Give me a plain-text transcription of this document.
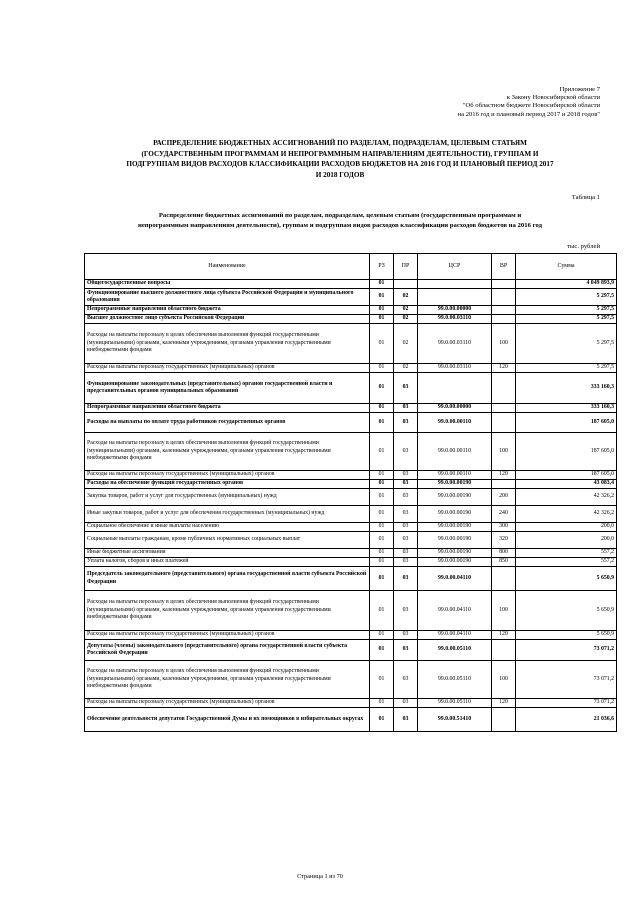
Приложение 7
к Закону Новосибирской области
"Об областном бюджете Новосибирской области
на 2016 год и плановый период 2017 и 2018 годов"
РАСПРЕДЕЛЕНИЕ БЮДЖЕТНЫХ АССИГНОВАНИЙ ПО РАЗДЕЛАМ, ПОДРАЗДЕЛАМ, ЦЕЛЕВЫМ СТАТЬЯМ
(ГОСУДАРСТВЕННЫМ ПРОГРАММАМ И НЕПРОГРАММНЫМ НАПРАВЛЕНИЯМ ДЕЯТЕЛЬНОСТИ), ГРУППАМ И
ПОДГРУППАМ ВИДОВ РАСХОДОВ КЛАССИФИКАЦИИ РАСХОДОВ БЮДЖЕТОВ НА 2016 ГОД И ПЛАНОВЫЙ ПЕРИОД 2017
И 2018 ГОДОВ
Таблица 1
Распределение бюджетных ассигнований по разделам, подразделам, целевым статьям (государственным программам и
непрограммным направлениям деятельности), группам и подгруппам видов расходов классификации расходов бюджетов на 2016 год
тыс. рублей
Наименование	РЗ	ПР	ЦСР	ВР	Сумма
Общегосударственные вопросы	01				4 049 893,9
Функционирование высшего должностного лица субъекта Российской Федерации и муниципального образования	01	02			5 297,5
Непрограммные направления областного бюджета	01	02	99.0.00.00000		5 297,5
Высшее должностное лицо субъекта Российской Федерации	01	02	99.0.00.03110		5 297,5
Расходы на выплаты персоналу в целях обеспечения выполнения функций государственными (муниципальными) органами, казенными учреждениями, органами управления государственными внебюджетными фондами	01	02	99.0.00.03110	100	5 297,5
Расходы на выплаты персоналу государственных (муниципальных) органов	01	02	99.0.00.03110	120	5 297,5
Функционирование законодательных (представительных) органов государственной власти и представительных органов муниципальных образований	01	03			333 160,3
Непрограммные направления областного бюджета	01	03	99.0.00.00000		333 160,3
Расходы на выплаты по оплате труда работников государственных органов	01	03	99.0.00.00110		187 605,0
Расходы на выплаты персоналу в целях обеспечения выполнения функций государственными (муниципальными) органами, казенными учреждениями, органами управления государственными внебюджетными фондами	01	03	99.0.00.00110	100	187 605,0
Расходы на выплаты персоналу государственных (муниципальных) органов	01	03	99.0.00.00110	120	187 605,0
Расходы на обеспечение функций государственных органов	01	03	99.0.00.00190		43 083,4
Закупка товаров, работ и услуг для государственных (муниципальных) нужд	01	03	99.0.00.00190	200	42 326,2
Иные закупки товаров, работ и услуг для обеспечения государственных (муниципальных) нужд	01	03	99.0.00.00190	240	42 326,2
Социальное обеспечение и иные выплаты населению	01	03	99.0.00.00190	300	200,0
Социальные выплаты гражданам, кроме публичных нормативных социальных выплат	01	03	99.0.00.00190	320	200,0
Иные бюджетные ассигнования	01	03	99.0.00.00190	800	557,2
Уплата налогов, сборов и иных платежей	01	03	99.0.00.00190	850	557,2
Председатель законодательного (представительного) органа государственной власти субъекта Российской Федерации	01	03	99.0.00.04110		5 650,9
Расходы на выплаты персоналу в целях обеспечения выполнения функций государственными (муниципальными) органами, казенными учреждениями, органами управления государственными внебюджетными фондами	01	03	99.0.00.04110	100	5 650,9
Расходы на выплаты персоналу государственных (муниципальных) органов	01	03	99.0.00.04110	120	5 650,9
Депутаты (члены) законодательного (представительного) органа государственной власти субъекта Российской Федерации	01	03	99.0.00.05110		73 071,2
Расходы на выплаты персоналу в целях обеспечения выполнения функций государственными (муниципальными) органами, казенными учреждениями, органами управления государственными внебюджетными фондами	01	03	99.0.00.05110	100	73 071,2
Расходы на выплаты персоналу государственных (муниципальных) органов	01	03	99.0.00.05110	120	73 071,2
Обеспечение деятельности депутатов Государственной Думы и их помощников в избирательных округах	01	03	99.0.00.51410		21 036,6
Страница 1 из 70
